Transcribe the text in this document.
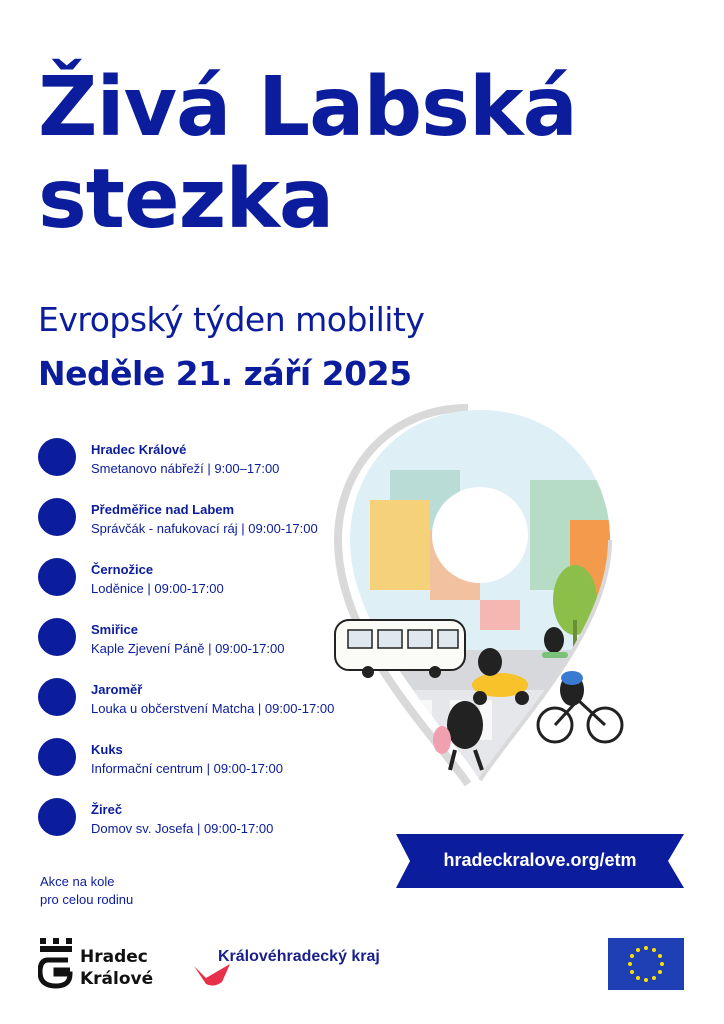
Živá Labská
stezka
Evropský týden mobility
Neděle 21. září 2025
Hradec Králové
Smetanovo nábřeží | 9:00–17:00
Předměřice nad Labem
Správčák - nafukovací ráj | 09:00-17:00
Černožice
Loděnice | 09:00-17:00
Smiřice
Kaple Zjevení Páně | 09:00-17:00
Jaroměř
Louka u občerstvení Matcha | 09:00-17:00
Kuks
Informační centrum | 09:00-17:00
Žireč
Domov sv. Josefa | 09:00-17:00
hradeckralove.org/etm
Akce na kole
pro celou rodinu
Hradec
Králové
Královéhradecký kraj
